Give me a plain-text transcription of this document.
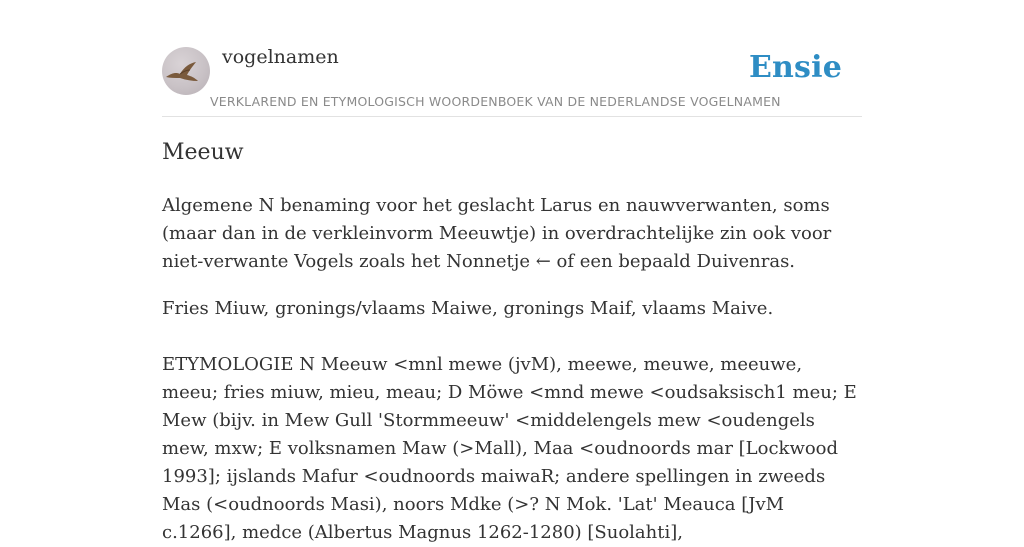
vogelnamen	Ensie
VERKLAREND EN ETYMOLOGISCH WOORDENBOEK VAN DE NEDERLANDSE VOGELNAMEN
Meeuw

Algemene N benaming voor het geslacht Larus en nauwverwanten, soms (maar dan in de verkleinvorm Meeuwtje) in overdrachtelijke zin ook voor niet-verwante Vogels zoals het Nonnetje ← of een bepaald Duivenras.

Fries Miuw, gronings/vlaams Maiwe, gronings Maif, vlaams Maive.

ETYMOLOGIE N Meeuw <mnl mewe (jvM), meewe, meuwe, meeuwe, meeu; fries miuw, mieu, meau; D Möwe <mnd mewe <oudsaksisch1 meu; E Mew (bijv. in Mew Gull 'Stormmeeuw' <middelengels mew <oudengels mew, mxw; E volksnamen Maw (>Mall), Maa <oudnoords mar [Lockwood 1993]; ijslands Mafur <oudnoords maiwaR; andere spellingen in zweeds Mas (<oudnoords Masi), noors Mdke (>? N Mok. 'Lat' Meauca [JvM c.1266], medce (Albertus Magnus 1262-1280) [Suolahti],
